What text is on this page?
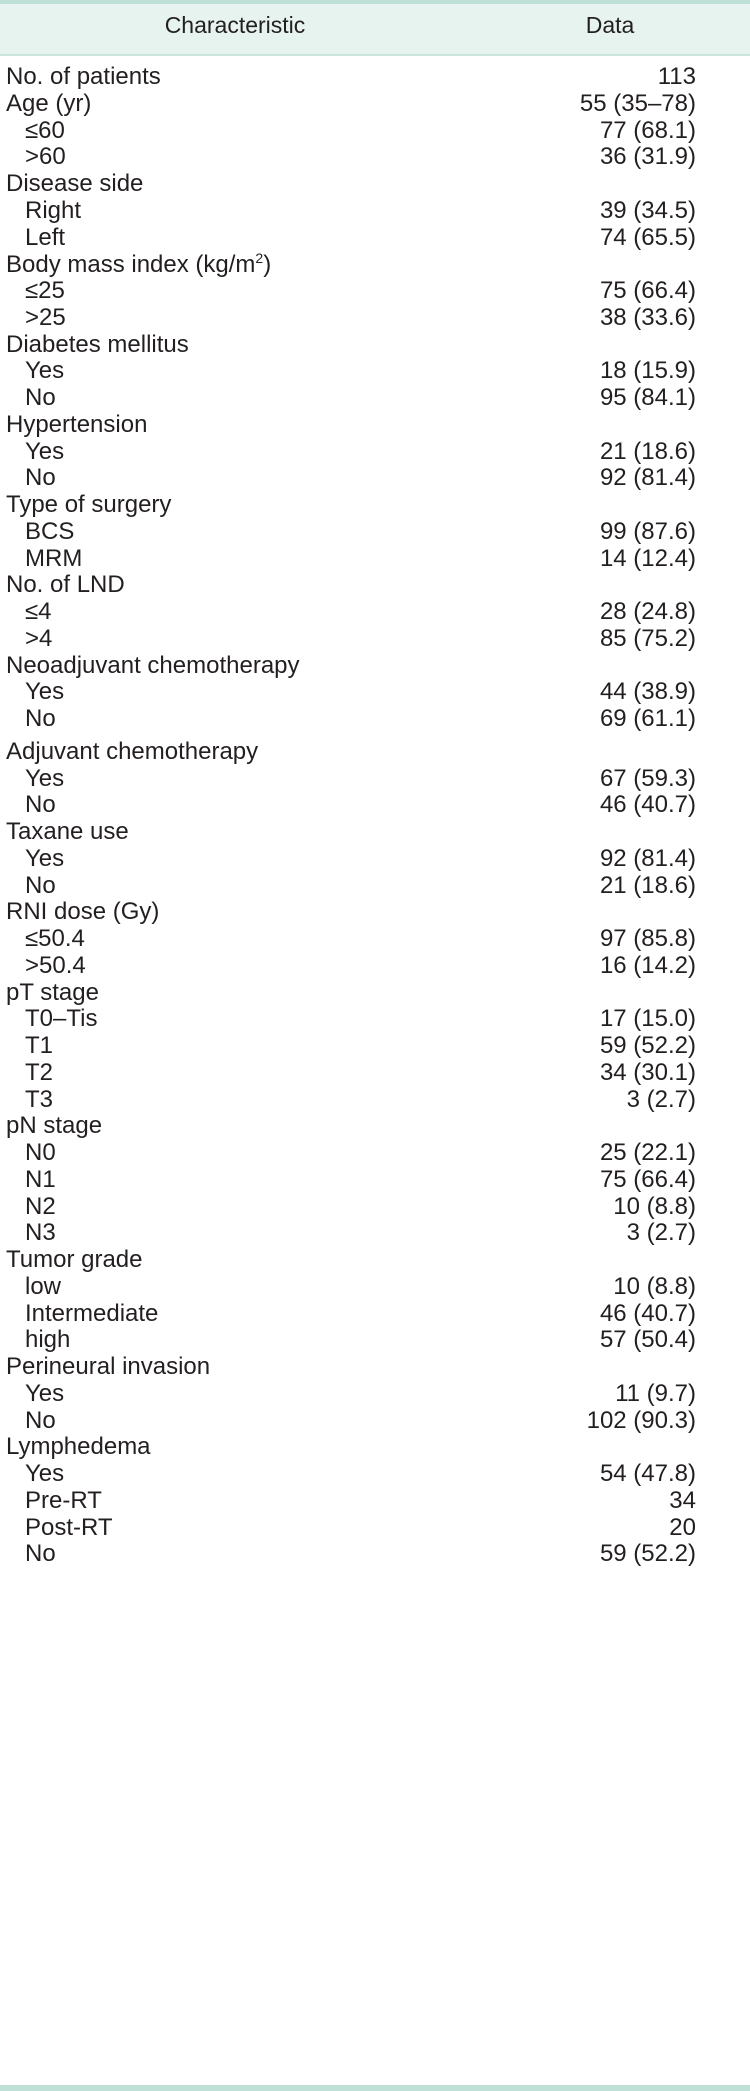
Characteristic	Data
No. of patients	113
Age (yr)	55 (35–78)
≤60	77 (68.1)
>60	36 (31.9)
Disease side
Right	39 (34.5)
Left	74 (65.5)
Body mass index $(kg/m^2)$
≤25	75 (66.4)
>25	38 (33.6)
Diabetes mellitus
Yes	18 (15.9)
No	95 (84.1)
Hypertension
Yes	21 (18.6)
No	92 (81.4)
Type of surgery
BCS	99 (87.6)
MRM	14 (12.4)
No. of LND
≤4	28 (24.8)
>4	85 (75.2)
Neoadjuvant chemotherapy
Yes	44 (38.9)
No	69 (61.1)
Adjuvant chemotherapy
Yes	67 (59.3)
No	46 (40.7)
Taxane use
Yes	92 (81.4)
No	21 (18.6)
RNI dose (Gy)
≤50.4	97 (85.8)
>50.4	16 (14.2)
pT stage
T0–Tis	17 (15.0)
T1	59 (52.2)
T2	34 (30.1)
T3	3 (2.7)
pN stage
N0	25 (22.1)
N1	75 (66.4)
N2	10 (8.8)
N3	3 (2.7)
Tumor grade
low	10 (8.8)
Intermediate	46 (40.7)
high	57 (50.4)
Perineural invasion
Yes	11 (9.7)
No	102 (90.3)
Lymphedema
Yes	54 (47.8)
Pre-RT	34
Post-RT	20
No	59 (52.2)
